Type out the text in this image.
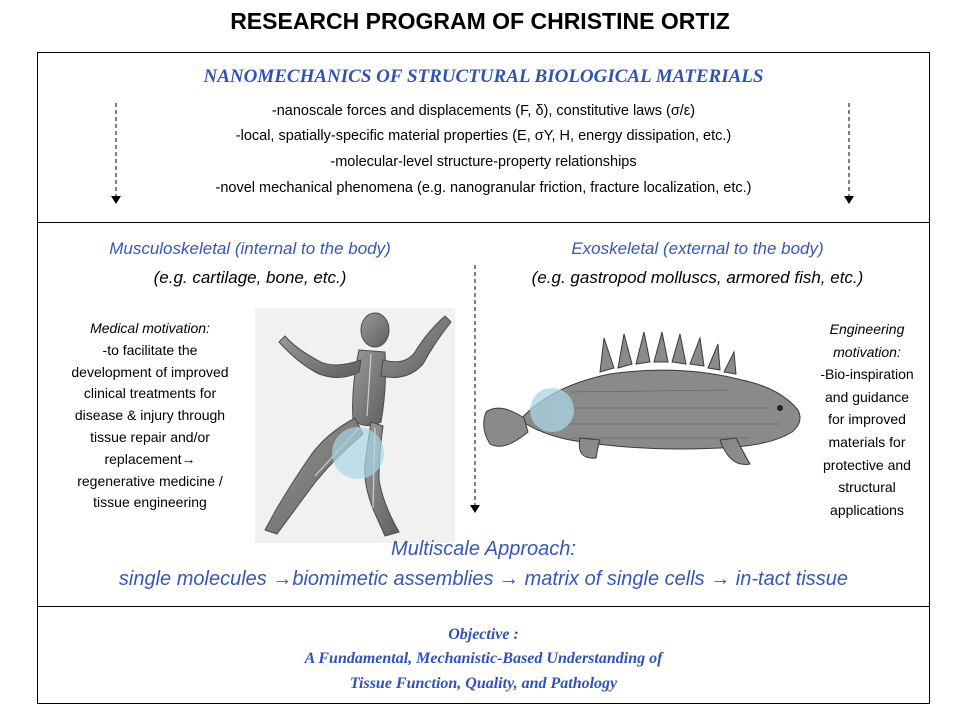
RESEARCH PROGRAM OF CHRISTINE ORTIZ
NANOMECHANICS OF STRUCTURAL BIOLOGICAL MATERIALS
-nanoscale forces and displacements (F, δ), constitutive laws (σ/ε)
-local, spatially-specific material properties (E, σY, H, energy dissipation, etc.)
-molecular-level structure-property relationships
-novel mechanical phenomena (e.g. nanogranular friction, fracture localization, etc.)
Musculoskeletal (internal to the body)
(e.g. cartilage, bone, etc.)
Exoskeletal (external to the body)
(e.g. gastropod molluscs, armored fish, etc.)
Medical motivation:
-to facilitate the
development of improved
clinical treatments for
disease & injury through
tissue repair and/or
replacement→
regenerative medicine /
tissue engineering
Engineering
motivation:
-Bio-inspiration
and guidance
for improved
materials for
protective and
structural
applications
Multiscale Approach:
single molecules →biomimetic assemblies → matrix of single cells → in-tact tissue
Objective :
A Fundamental, Mechanistic-Based Understanding of
Tissue Function, Quality, and Pathology
